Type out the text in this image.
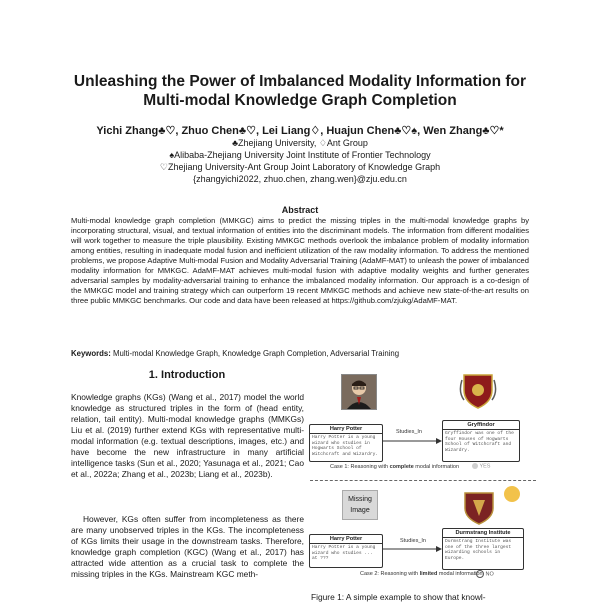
Unleashing the Power of Imbalanced Modality Information for
Multi-modal Knowledge Graph Completion
Yichi Zhang♣♡, Zhuo Chen♣♡, Lei Liang♢, Huajun Chen♣♡♠, Wen Zhang♣♡*
♣Zhejiang University, ♢Ant Group
♠Alibaba-Zhejiang University Joint Institute of Frontier Technology
♡Zhejiang University-Ant Group Joint Laboratory of Knowledge Graph
{zhangyichi2022, zhuo.chen, zhang.wen}@zju.edu.cn
Abstract
Multi-modal knowledge graph completion (MMKGC) aims to predict the missing triples in the multi-modal knowledge graphs by incorporating structural, visual, and textual information of entities into the discriminant models. The information from different modalities will work together to measure the triple plausibility. Existing MMKGC methods overlook the imbalance problem of modality information among entities, resulting in inadequate modal fusion and inefficient utilization of the raw modality information. To address the mentioned problems, we propose Adaptive Multi-modal Fusion and Modality Adversarial Training (AdaMF-MAT) to unleash the power of imbalanced modality information for MMKGC. AdaMF-MAT achieves multi-modal fusion with adaptive modality weights and further generates adversarial samples by modality-adversarial training to enhance the imbalanced modality information. Our approach is a co-design of the MMKGC model and training strategy which can outperform 19 recent MMKGC methods and achieve new state-of-the-art results on three public MMKGC benchmarks. Our code and data have been released at https://github.com/zjukg/AdaMF-MAT.
Keywords: Multi-modal Knowledge Graph, Knowledge Graph Completion, Adversarial Training
1. Introduction
Knowledge graphs (KGs) (Wang et al., 2017) model the world knowledge as structured triples in the form of (head entity, relation, tail entity). Multi-modal knowledge graphs (MMKGs) Liu et al. (2019) further extend KGs with representative multi-modal information (e.g. textual descriptions, images, etc.) and have become the new infrastructure in many artificial intelligence tasks (Sun et al., 2020; Yasunaga et al., 2021; Cao et al., 2022a; Zhang et al., 2023b; Liang et al., 2023b).
However, KGs often suffer from incompleteness as there are many unobserved triples in the KGs. The incompleteness of KGs limits their usage in the downstream tasks. Therefore, knowledge graph completion (KGC) (Wang et al., 2017) has attracted wide attention as a crucial task to complete the missing triples in the KGs. Mainstream KGC meth-
Harry Potter
Harry Potter is a young wizard who studies in Hogwarts School of Witchcraft and Wizardry.
Studies_In
Gryffindor
Gryffindor was one of the four Houses of Hogwarts School of Witchcraft and Wizardry.
Case 1: Reasoning with complete modal information	YES
Missing
Image
Harry Potter
Harry Potter is a young wizard who studies ... at ???
Studies_In
Durmstrang Institute
Durmstrang Institute was one of the three largest wizarding schools in Europe.
Case 2: Reasoning with limited modal information NO
Figure 1: A simple example to show that knowl-
